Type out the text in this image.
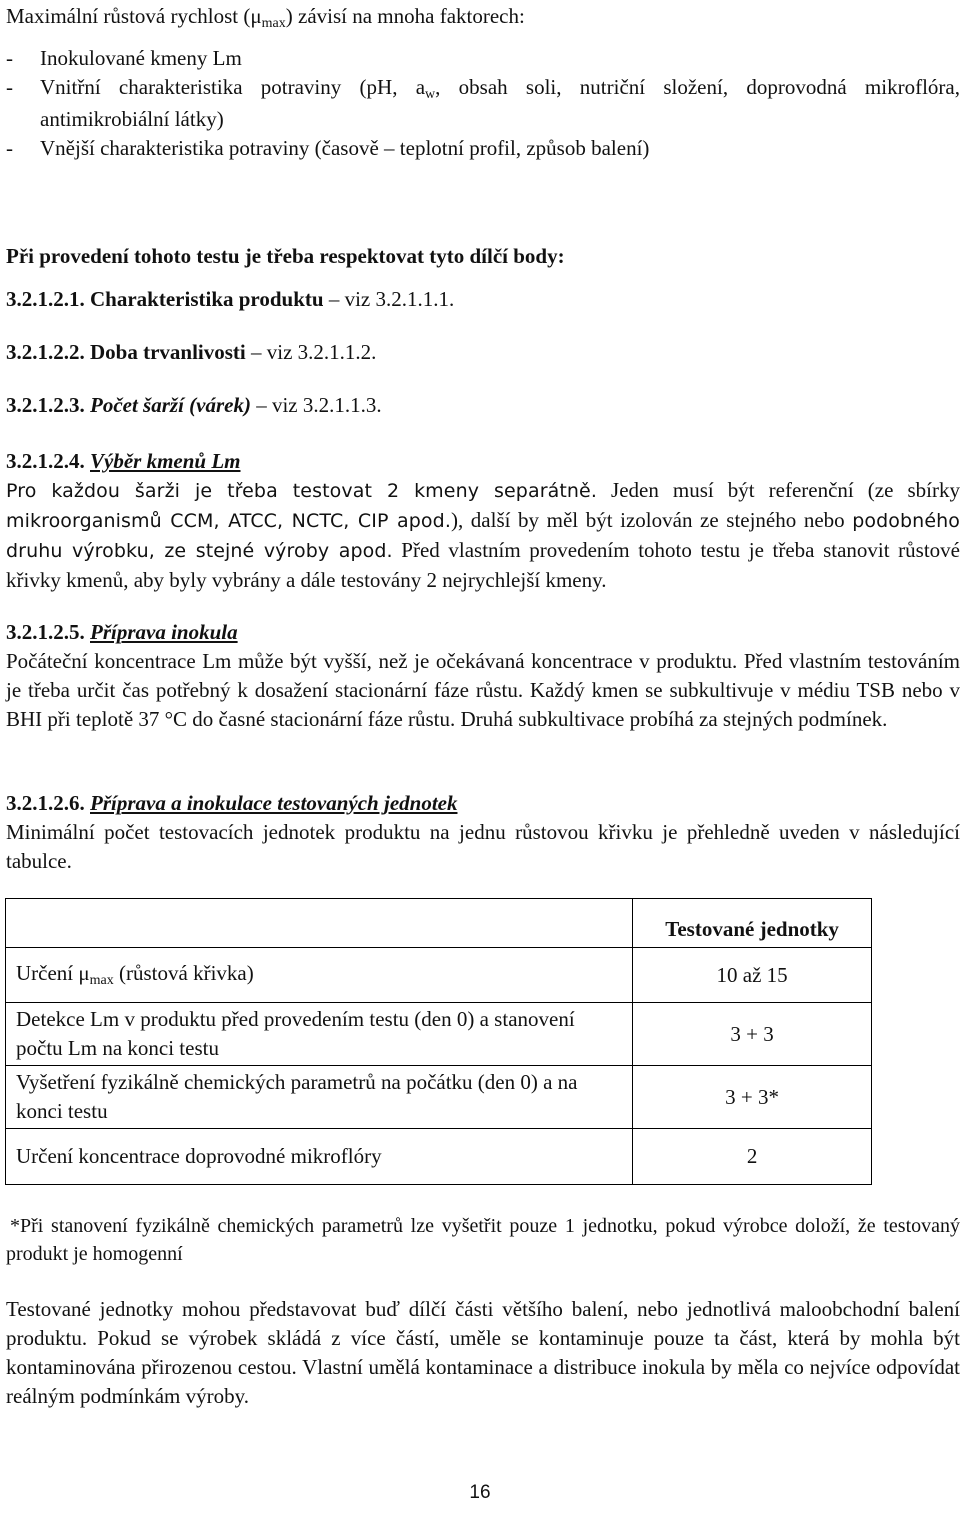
Maximální růstová rychlost (μmax) závisí na mnoha faktorech:

-	Inokulované kmeny Lm
-	Vnitřní charakteristika potraviny (pH, aw, obsah soli, nutriční složení, doprovodná mikroflóra, antimikrobiální látky)
-	Vnější charakteristika potraviny (časově – teplotní profil, způsob balení)

Při provedení tohoto testu je třeba respektovat tyto dílčí body:

3.2.1.2.1. Charakteristika produktu – viz 3.2.1.1.1.

3.2.1.2.2. Doba trvanlivosti – viz 3.2.1.1.2.

3.2.1.2.3. Počet šarží (várek) – viz 3.2.1.1.3.

3.2.1.2.4. Výběr kmenů Lm

Pro každou šarži je třeba testovat 2 kmeny separátně. Jeden musí být referenční (ze sbírky mikroorganismů CCM, ATCC, NCTC, CIP apod.), další by měl být izolován ze stejného nebo podobného druhu výrobku, ze stejné výroby apod. Před vlastním provedením tohoto testu je třeba stanovit růstové křivky kmenů, aby byly vybrány a dále testovány 2 nejrychlejší kmeny.

3.2.1.2.5. Příprava inokula

Počáteční koncentrace Lm může být vyšší, než je očekávaná koncentrace v produktu. Před vlastním testováním je třeba určit čas potřebný k dosažení stacionární fáze růstu. Každý kmen se subkultivuje v médiu TSB nebo v BHI při teplotě 37 °C do časné stacionární fáze růstu. Druhá subkultivace probíhá za stejných podmínek.

3.2.1.2.6. Příprava a inokulace testovaných jednotek

Minimální počet testovacích jednotek produktu na jednu růstovou křivku je přehledně uveden v následující tabulce.

	Testované jednotky
Určení μmax (růstová křivka)	10 až 15
Detekce Lm v produktu před provedením testu (den 0) a stanovení počtu Lm na konci testu	3 + 3
Vyšetření fyzikálně chemických parametrů na počátku (den 0) a na konci testu	3 + 3*
Určení koncentrace doprovodné mikroflóry	2

*Při stanovení fyzikálně chemických parametrů lze vyšetřit pouze 1 jednotku, pokud výrobce doloží, že testovaný produkt je homogenní

Testované jednotky mohou představovat buď dílčí části většího balení, nebo jednotlivá maloobchodní balení produktu. Pokud se výrobek skládá z více částí, uměle se kontaminuje pouze ta část, která by mohla být kontaminována přirozenou cestou. Vlastní umělá kontaminace a distribuce inokula by měla co nejvíce odpovídat reálným podmínkám výroby.

16
